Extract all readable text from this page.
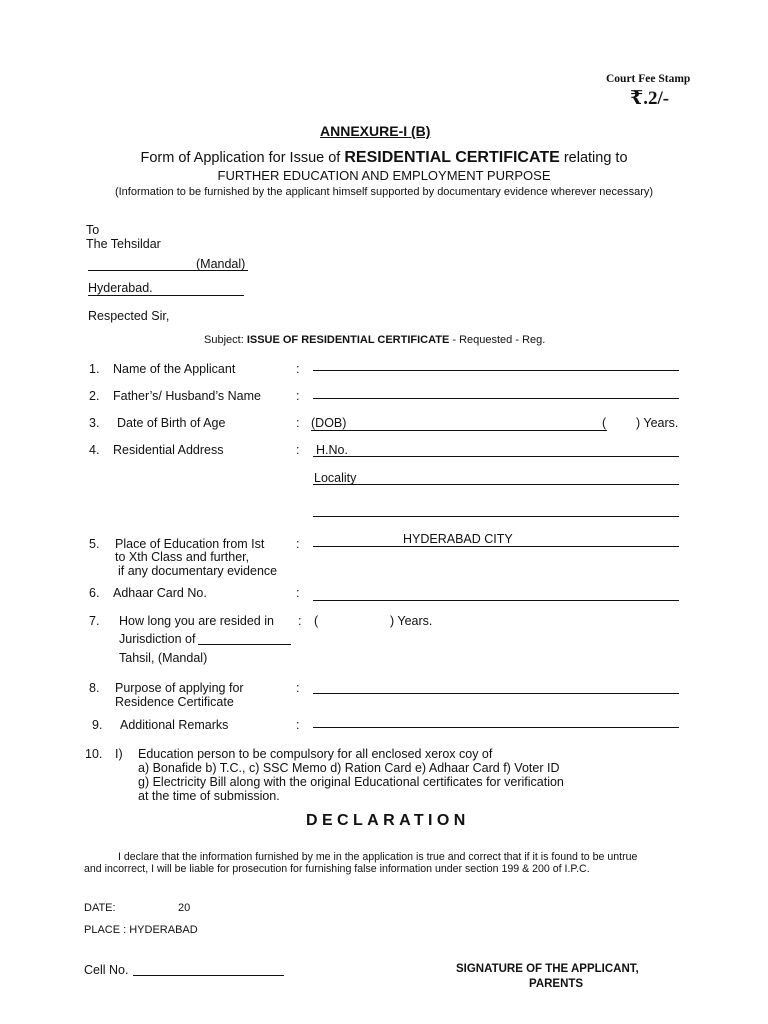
Court Fee Stamp
₹.2/-
ANNEXURE-I (B)
Form of Application for Issue of RESIDENTIAL CERTIFICATE relating to
FURTHER EDUCATION AND EMPLOYMENT PURPOSE
(Information to be furnished by the applicant himself supported by documentary evidence wherever necessary)
To
The Tehsildar
(Mandal)
Hyderabad.
Respected Sir,
Subject: ISSUE OF RESIDENTIAL CERTIFICATE - Requested - Reg.
1. Name of the Applicant	:
2. Father’s/ Husband’s Name	:
3. Date of Birth of Age	: (DOB)	( ) Years.
4. Residential Address	: H.No.
Locality
5. Place of Education from Ist
to Xth Class and further,
if any documentary evidence
:	HYDERABAD CITY
6. Adhaar Card No.	:
7. How long you are resided in
Jurisdiction of
Tahsil, (Mandal)
: (	) Years.
8. Purpose of applying for
Residence Certificate
:
9. Additional Remarks	:
10. I) Education person to be compulsory for all enclosed xerox coy of
a) Bonafide b) T.C., c) SSC Memo d) Ration Card e) Adhaar Card f) Voter ID
g) Electricity Bill along with the original Educational certificates for verification
at the time of submission.
DECLARATION
I declare that the information furnished by me in the application is true and correct that if it is found to be untrue
and incorrect, I will be liable for prosecution for furnishing false information under section 199 & 200 of I.P.C.
DATE:	20
PLACE : HYDERABAD
Cell No.	SIGNATURE OF THE APPLICANT,
PARENTS
